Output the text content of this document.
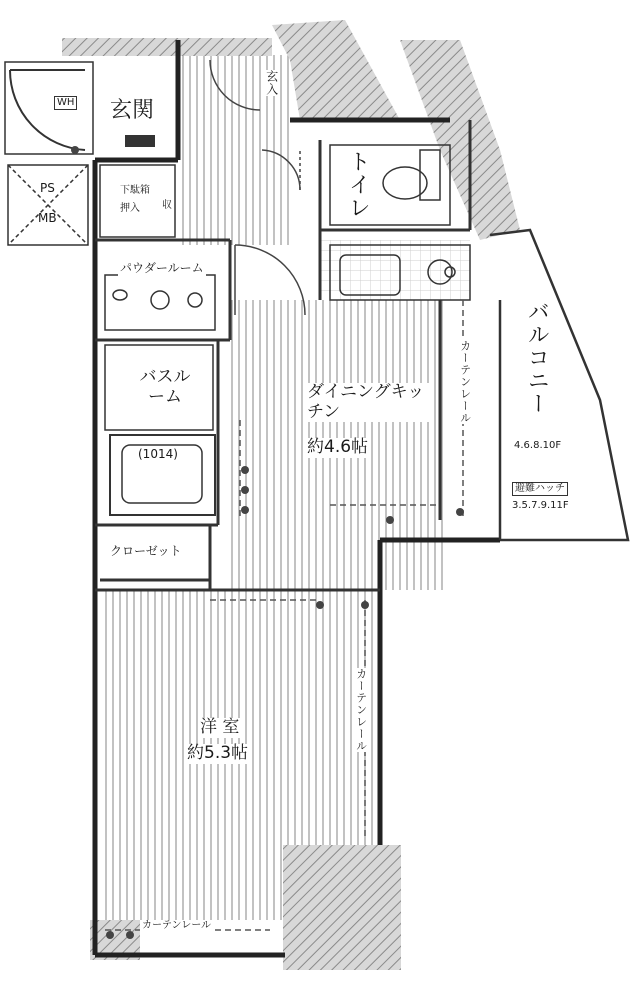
玄関
WH
PS
MB
下駄箱
押入 収
玄入
パウダールーム
バスルーム
(1014)
トイレ
クローゼット
ダイニングキッチン
約4.6帖
洋 室
約5.3帖
バルコニー
4.6.8.10F
避難ハッチ
3.5.7.9.11F
カーテンレール
カーテンレール
カーテンレール
